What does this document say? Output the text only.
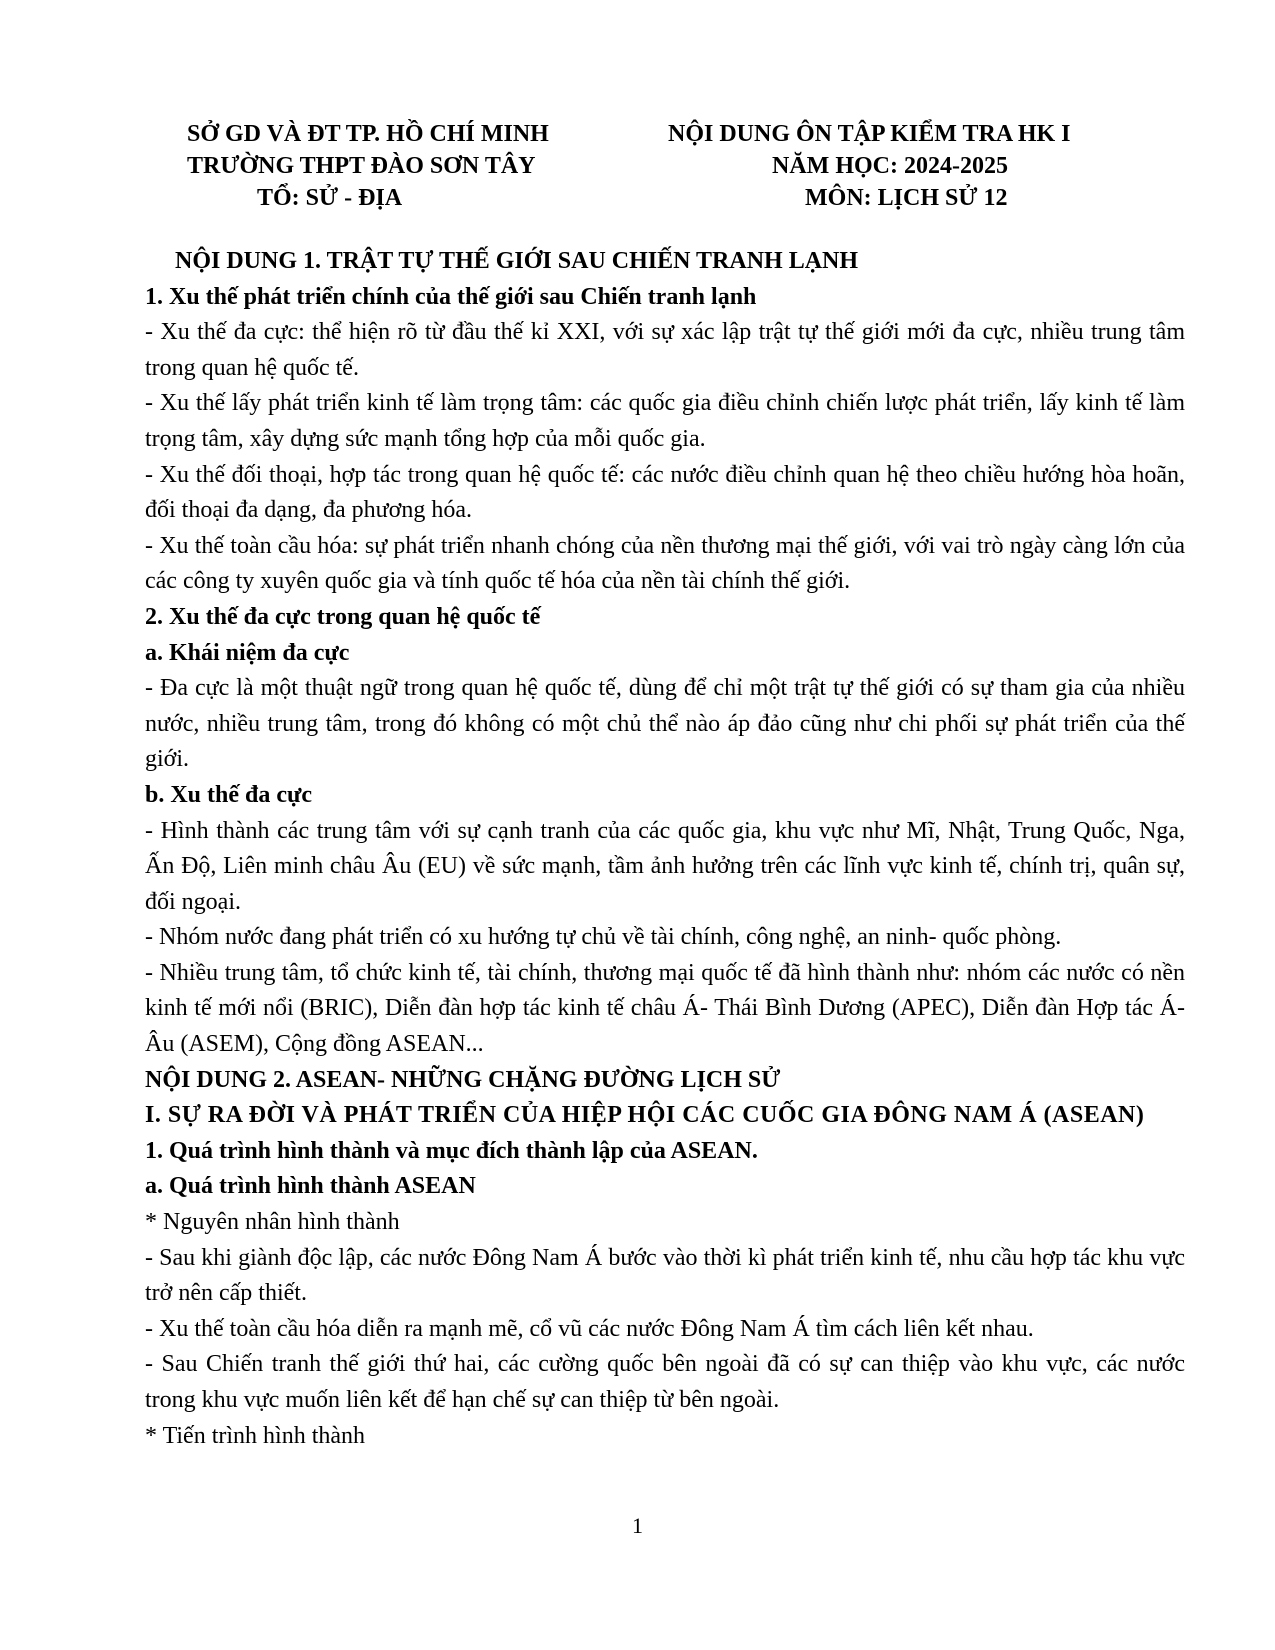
SỞ GD VÀ ĐT TP. HỒ CHÍ MINH
TRƯỜNG THPT ĐÀO SƠN TÂY
TỔ: SỬ - ĐỊA
NỘI DUNG ÔN TẬP KIỂM TRA HK I
NĂM HỌC: 2024-2025
MÔN: LỊCH SỬ 12

NỘI DUNG 1. TRẬT TỰ THẾ GIỚI SAU CHIẾN TRANH LẠNH

1. Xu thế phát triển chính của thế giới sau Chiến tranh lạnh

- Xu thế đa cực: thể hiện rõ từ đầu thế kỉ XXI, với sự xác lập trật tự thế giới mới đa cực, nhiều trung tâm trong quan hệ quốc tế.

- Xu thế lấy phát triển kinh tế làm trọng tâm: các quốc gia điều chỉnh chiến lược phát triển, lấy kinh tế làm trọng tâm, xây dựng sức mạnh tổng hợp của mỗi quốc gia.

- Xu thế đối thoại, hợp tác trong quan hệ quốc tế: các nước điều chỉnh quan hệ theo chiều hướng hòa hoãn, đối thoại đa dạng, đa phương hóa.

- Xu thế toàn cầu hóa: sự phát triển nhanh chóng của nền thương mại thế giới, với vai trò ngày càng lớn của các công ty xuyên quốc gia và tính quốc tế hóa của nền tài chính thế giới.

2. Xu thế đa cực trong quan hệ quốc tế

a. Khái niệm đa cực

- Đa cực là một thuật ngữ trong quan hệ quốc tế, dùng để chỉ một trật tự thế giới có sự tham gia của nhiều nước, nhiều trung tâm, trong đó không có một chủ thể nào áp đảo cũng như chi phối sự phát triển của thế giới.

b. Xu thế đa cực

- Hình thành các trung tâm với sự cạnh tranh của các quốc gia, khu vực như Mĩ, Nhật, Trung Quốc, Nga, Ấn Độ, Liên minh châu Âu (EU) về sức mạnh, tầm ảnh hưởng trên các lĩnh vực kinh tế, chính trị, quân sự, đối ngoại.

- Nhóm nước đang phát triển có xu hướng tự chủ về tài chính, công nghệ, an ninh- quốc phòng.

- Nhiều trung tâm, tổ chức kinh tế, tài chính, thương mại quốc tế đã hình thành như: nhóm các nước có nền kinh tế mới nổi (BRIC), Diễn đàn hợp tác kinh tế châu Á- Thái Bình Dương (APEC), Diễn đàn Hợp tác Á-Âu (ASEM), Cộng đồng ASEAN...

NỘI DUNG 2. ASEAN- NHỮNG CHẶNG ĐƯỜNG LỊCH SỬ

I. SỰ RA ĐỜI VÀ PHÁT TRIỂN CỦA HIỆP HỘI CÁC CUỐC GIA ĐÔNG NAM Á (ASEAN)

1. Quá trình hình thành và mục đích thành lập của ASEAN.

a. Quá trình hình thành ASEAN

* Nguyên nhân hình thành

- Sau khi giành độc lập, các nước Đông Nam Á bước vào thời kì phát triển kinh tế, nhu cầu hợp tác khu vực trở nên cấp thiết.

- Xu thế toàn cầu hóa diễn ra mạnh mẽ, cổ vũ các nước Đông Nam Á tìm cách liên kết nhau.

- Sau Chiến tranh thế giới thứ hai, các cường quốc bên ngoài đã có sự can thiệp vào khu vực, các nước trong khu vực muốn liên kết để hạn chế sự can thiệp từ bên ngoài.

* Tiến trình hình thành

1
